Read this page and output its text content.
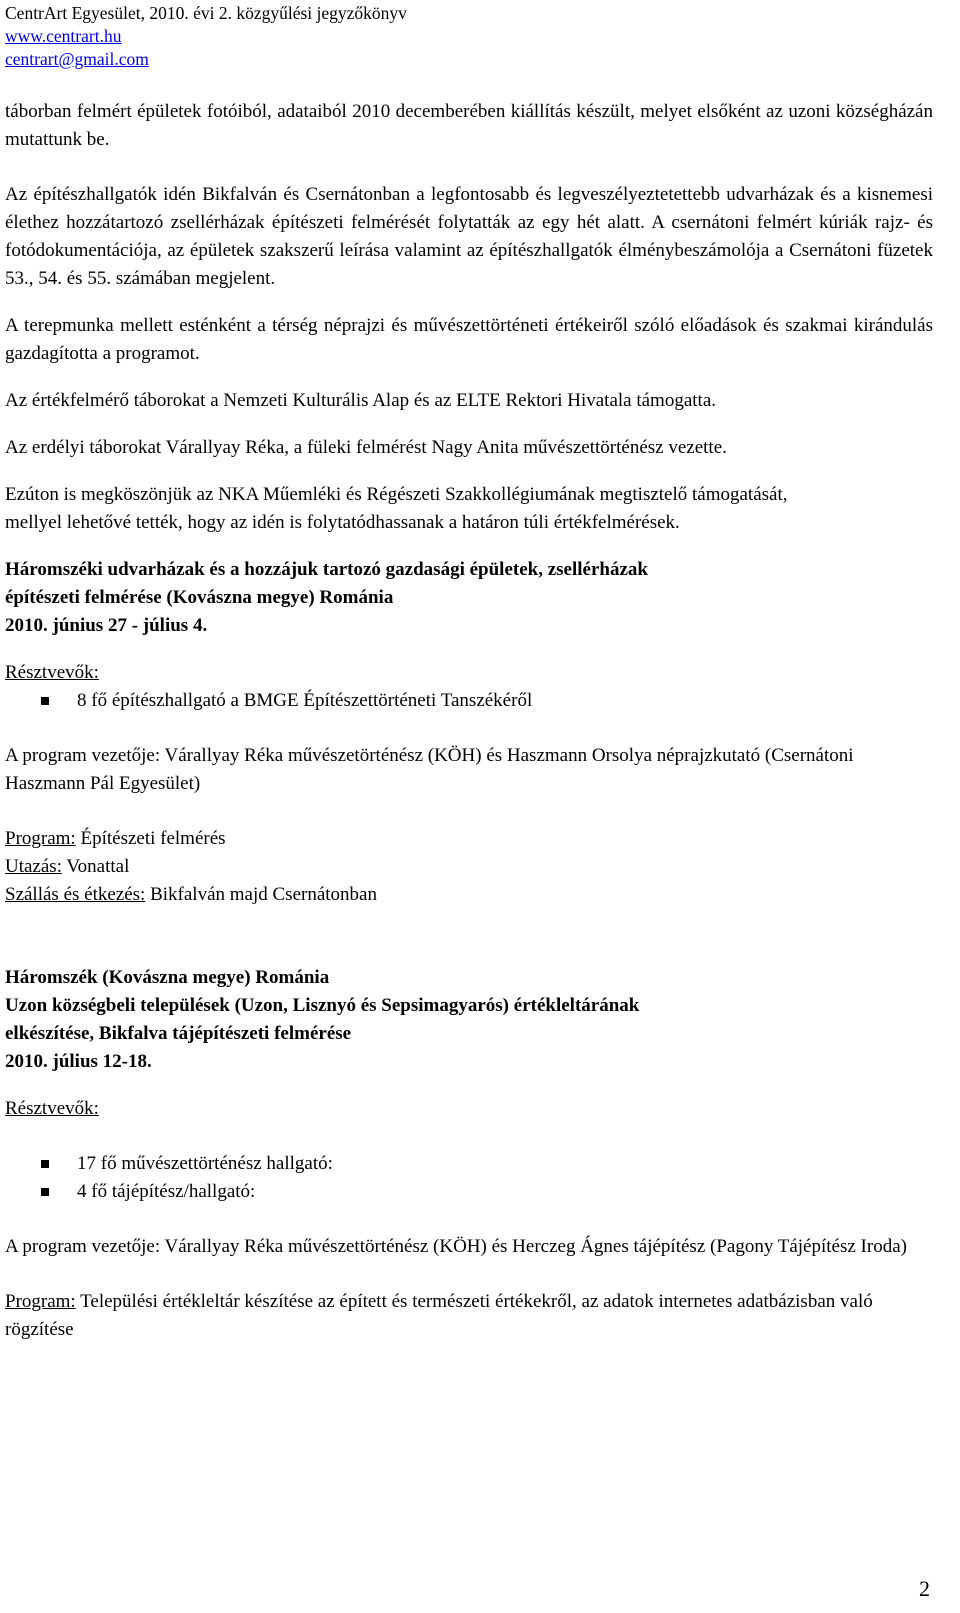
CentrArt Egyesület, 2010. évi 2. közgyűlési jegyzőkönyv
www.centrart.hu
centrart@gmail.com

táborban felmért épületek fotóiból, adataiból 2010 decemberében kiállítás készült, melyet elsőként az uzoni községházán mutattunk be.

Az építészhallgatók idén Bikfalván és Csernátonban a legfontosabb és legveszélyeztetettebb udvarházak és a kisnemesi élethez hozzátartozó zsellérházak építészeti felmérését folytatták az egy hét alatt. A csernátoni felmért kúriák rajz- és fotódokumentációja, az épületek szakszerű leírása valamint az építészhallgatók élménybeszámolója a Csernátoni füzetek 53., 54. és 55. számában megjelent.

A terepmunka mellett esténként a térség néprajzi és művészettörténeti értékeiről szóló előadások és szakmai kirándulás gazdagította a programot.

Az értékfelmérő táborokat a Nemzeti Kulturális Alap és az ELTE Rektori Hivatala támogatta.

Az erdélyi táborokat Várallyay Réka, a füleki felmérést Nagy Anita művészettörténész vezette.

Ezúton is megköszönjük az NKA Műemléki és Régészeti Szakkollégiumának megtisztelő támogatását, mellyel lehetővé tették, hogy az idén is folytatódhassanak a határon túli értékfelmérések.

Háromszéki udvarházak és a hozzájuk tartozó gazdasági épületek, zsellérházak
építészeti felmérése (Kovászna megye) Románia
2010. június 27 - július 4.
Résztvevők:
8 fő építészhallgató a BMGE Építészettörténeti Tanszékéről

A program vezetője: Várallyay Réka művészetörténész (KÖH) és Haszmann Orsolya néprajzkutató (Csernátoni Haszmann Pál Egyesület)

Program: Építészeti felmérés
Utazás: Vonattal
Szállás és étkezés: Bikfalván majd Csernátonban
Háromszék (Kovászna megye) Románia
Uzon községbeli települések (Uzon, Lisznyó és Sepsimagyarós) értékleltárának
elkészítése, Bikfalva tájépítészeti felmérése
2010. július 12-18.
Résztvevők:
17 fő művészettörténész hallgató:
4 fő tájépítész/hallgató:

A program vezetője: Várallyay Réka művészettörténész (KÖH) és Herczeg Ágnes tájépítész (Pagony Tájépítész Iroda)

Program: Települési értékleltár készítése az épített és természeti értékekről, az adatok internetes adatbázisban való rögzítése

2
